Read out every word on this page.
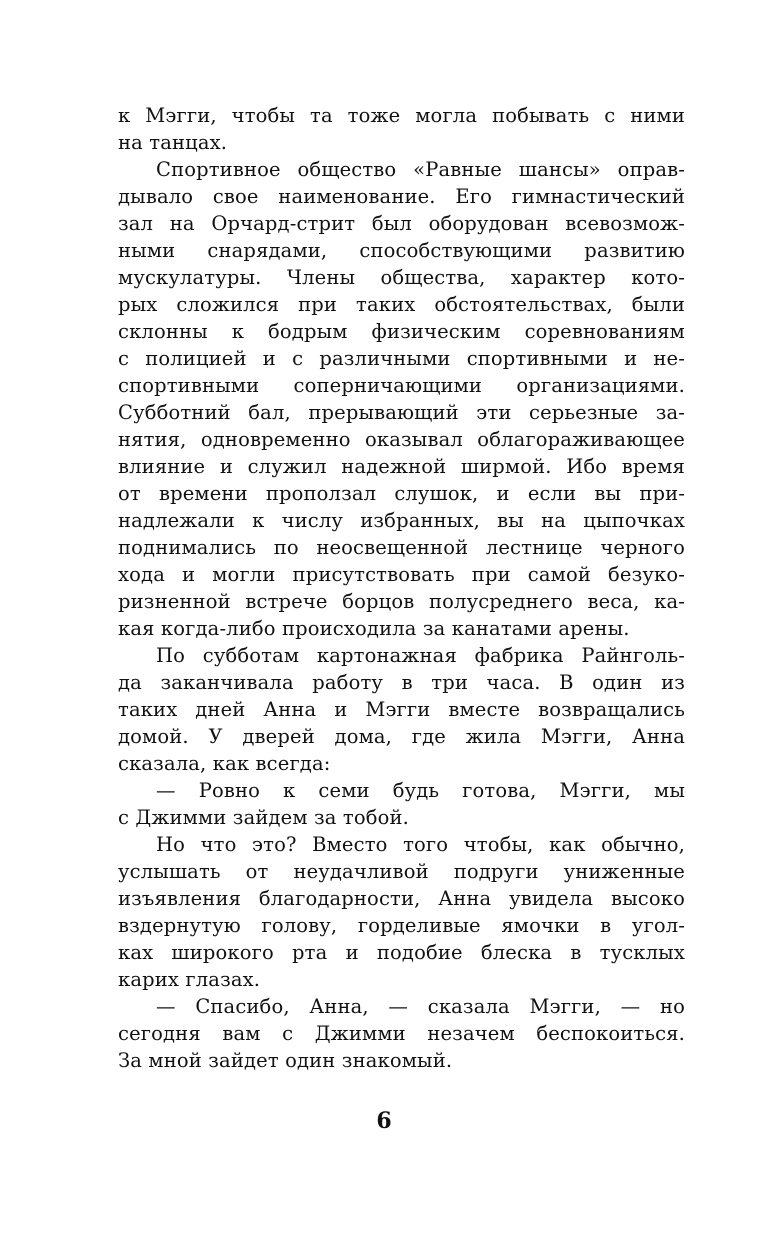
к Мэгги, чтобы та тоже могла побывать с ними
на танцах.
Спортивное общество «Равные шансы» оправ-
дывало свое наименование. Его гимнастический
зал на Орчард-стрит был оборудован всевозмож-
ными снарядами, способствующими развитию
мускулатуры. Члены общества, характер кото-
рых сложился при таких обстоятельствах, были
склонны к бодрым физическим соревнованиям
с полицией и с различными спортивными и не-
спортивными соперничающими организациями.
Субботний бал, прерывающий эти серьезные за-
нятия, одновременно оказывал облагораживающее
влияние и служил надежной ширмой. Ибо время
от времени проползал слушок, и если вы при-
надлежали к числу избранных, вы на цыпочках
поднимались по неосвещенной лестнице черного
хода и могли присутствовать при самой безуко-
ризненной встрече борцов полусреднего веса, ка-
кая когда-либо происходила за канатами арены.
По субботам картонажная фабрика Райнголь-
да заканчивала работу в три часа. В один из
таких дней Анна и Мэгги вместе возвращались
домой. У дверей дома, где жила Мэгги, Анна
сказала, как всегда:
— Ровно к семи будь готова, Мэгги, мы
с Джимми зайдем за тобой.
Но что это? Вместо того чтобы, как обычно,
услышать от неудачливой подруги униженные
изъявления благодарности, Анна увидела высоко
вздернутую голову, горделивые ямочки в угол-
ках широкого рта и подобие блеска в тусклых
карих глазах.
— Спасибо, Анна, — сказала Мэгги, — но
сегодня вам с Джимми незачем беспокоиться.
За мной зайдет один знакомый.
6
